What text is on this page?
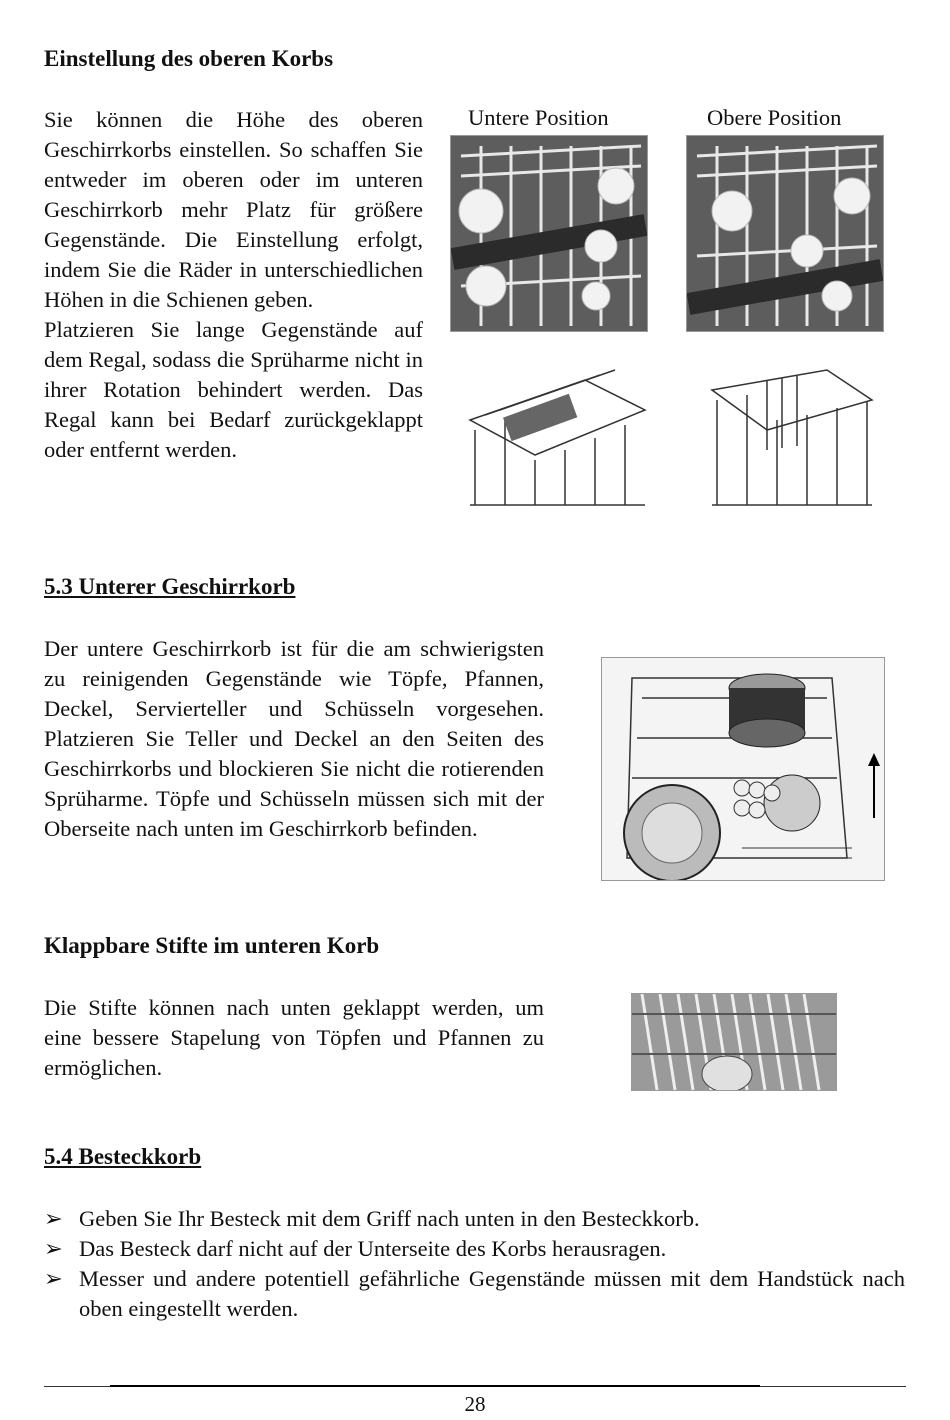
Einstellung des oberen Korbs
Sie können die Höhe des oberen Geschirrkorbs einstellen. So schaffen Sie entweder im oberen oder im unteren Geschirrkorb mehr Platz für größere Gegenstände. Die Einstellung erfolgt, indem Sie die Räder in unterschiedlichen Höhen in die Schienen geben.
Platzieren Sie lange Gegenstände auf dem Regal, sodass die Sprüharme nicht in ihrer Rotation behindert werden. Das Regal kann bei Bedarf zurückgeklappt oder entfernt werden.
Untere Position	Obere Position
5.3 Unterer Geschirrkorb
Der untere Geschirrkorb ist für die am schwierigsten zu reinigenden Gegenstände wie Töpfe, Pfannen, Deckel, Servierteller und Schüsseln vorgesehen. Platzieren Sie Teller und Deckel an den Seiten des Geschirrkorbs und blockieren Sie nicht die rotierenden Sprüharme. Töpfe und Schüsseln müssen sich mit der Oberseite nach unten im Geschirrkorb befinden.
Klappbare Stifte im unteren Korb
Die Stifte können nach unten geklappt werden, um eine bessere Stapelung von Töpfen und Pfannen zu ermöglichen.
5.4 Besteckkorb
➢ Geben Sie Ihr Besteck mit dem Griff nach unten in den Besteckkorb.
➢ Das Besteck darf nicht auf der Unterseite des Korbs herausragen.
➢ Messer und andere potentiell gefährliche Gegenstände müssen mit dem Handstück nach oben eingestellt werden.
28
